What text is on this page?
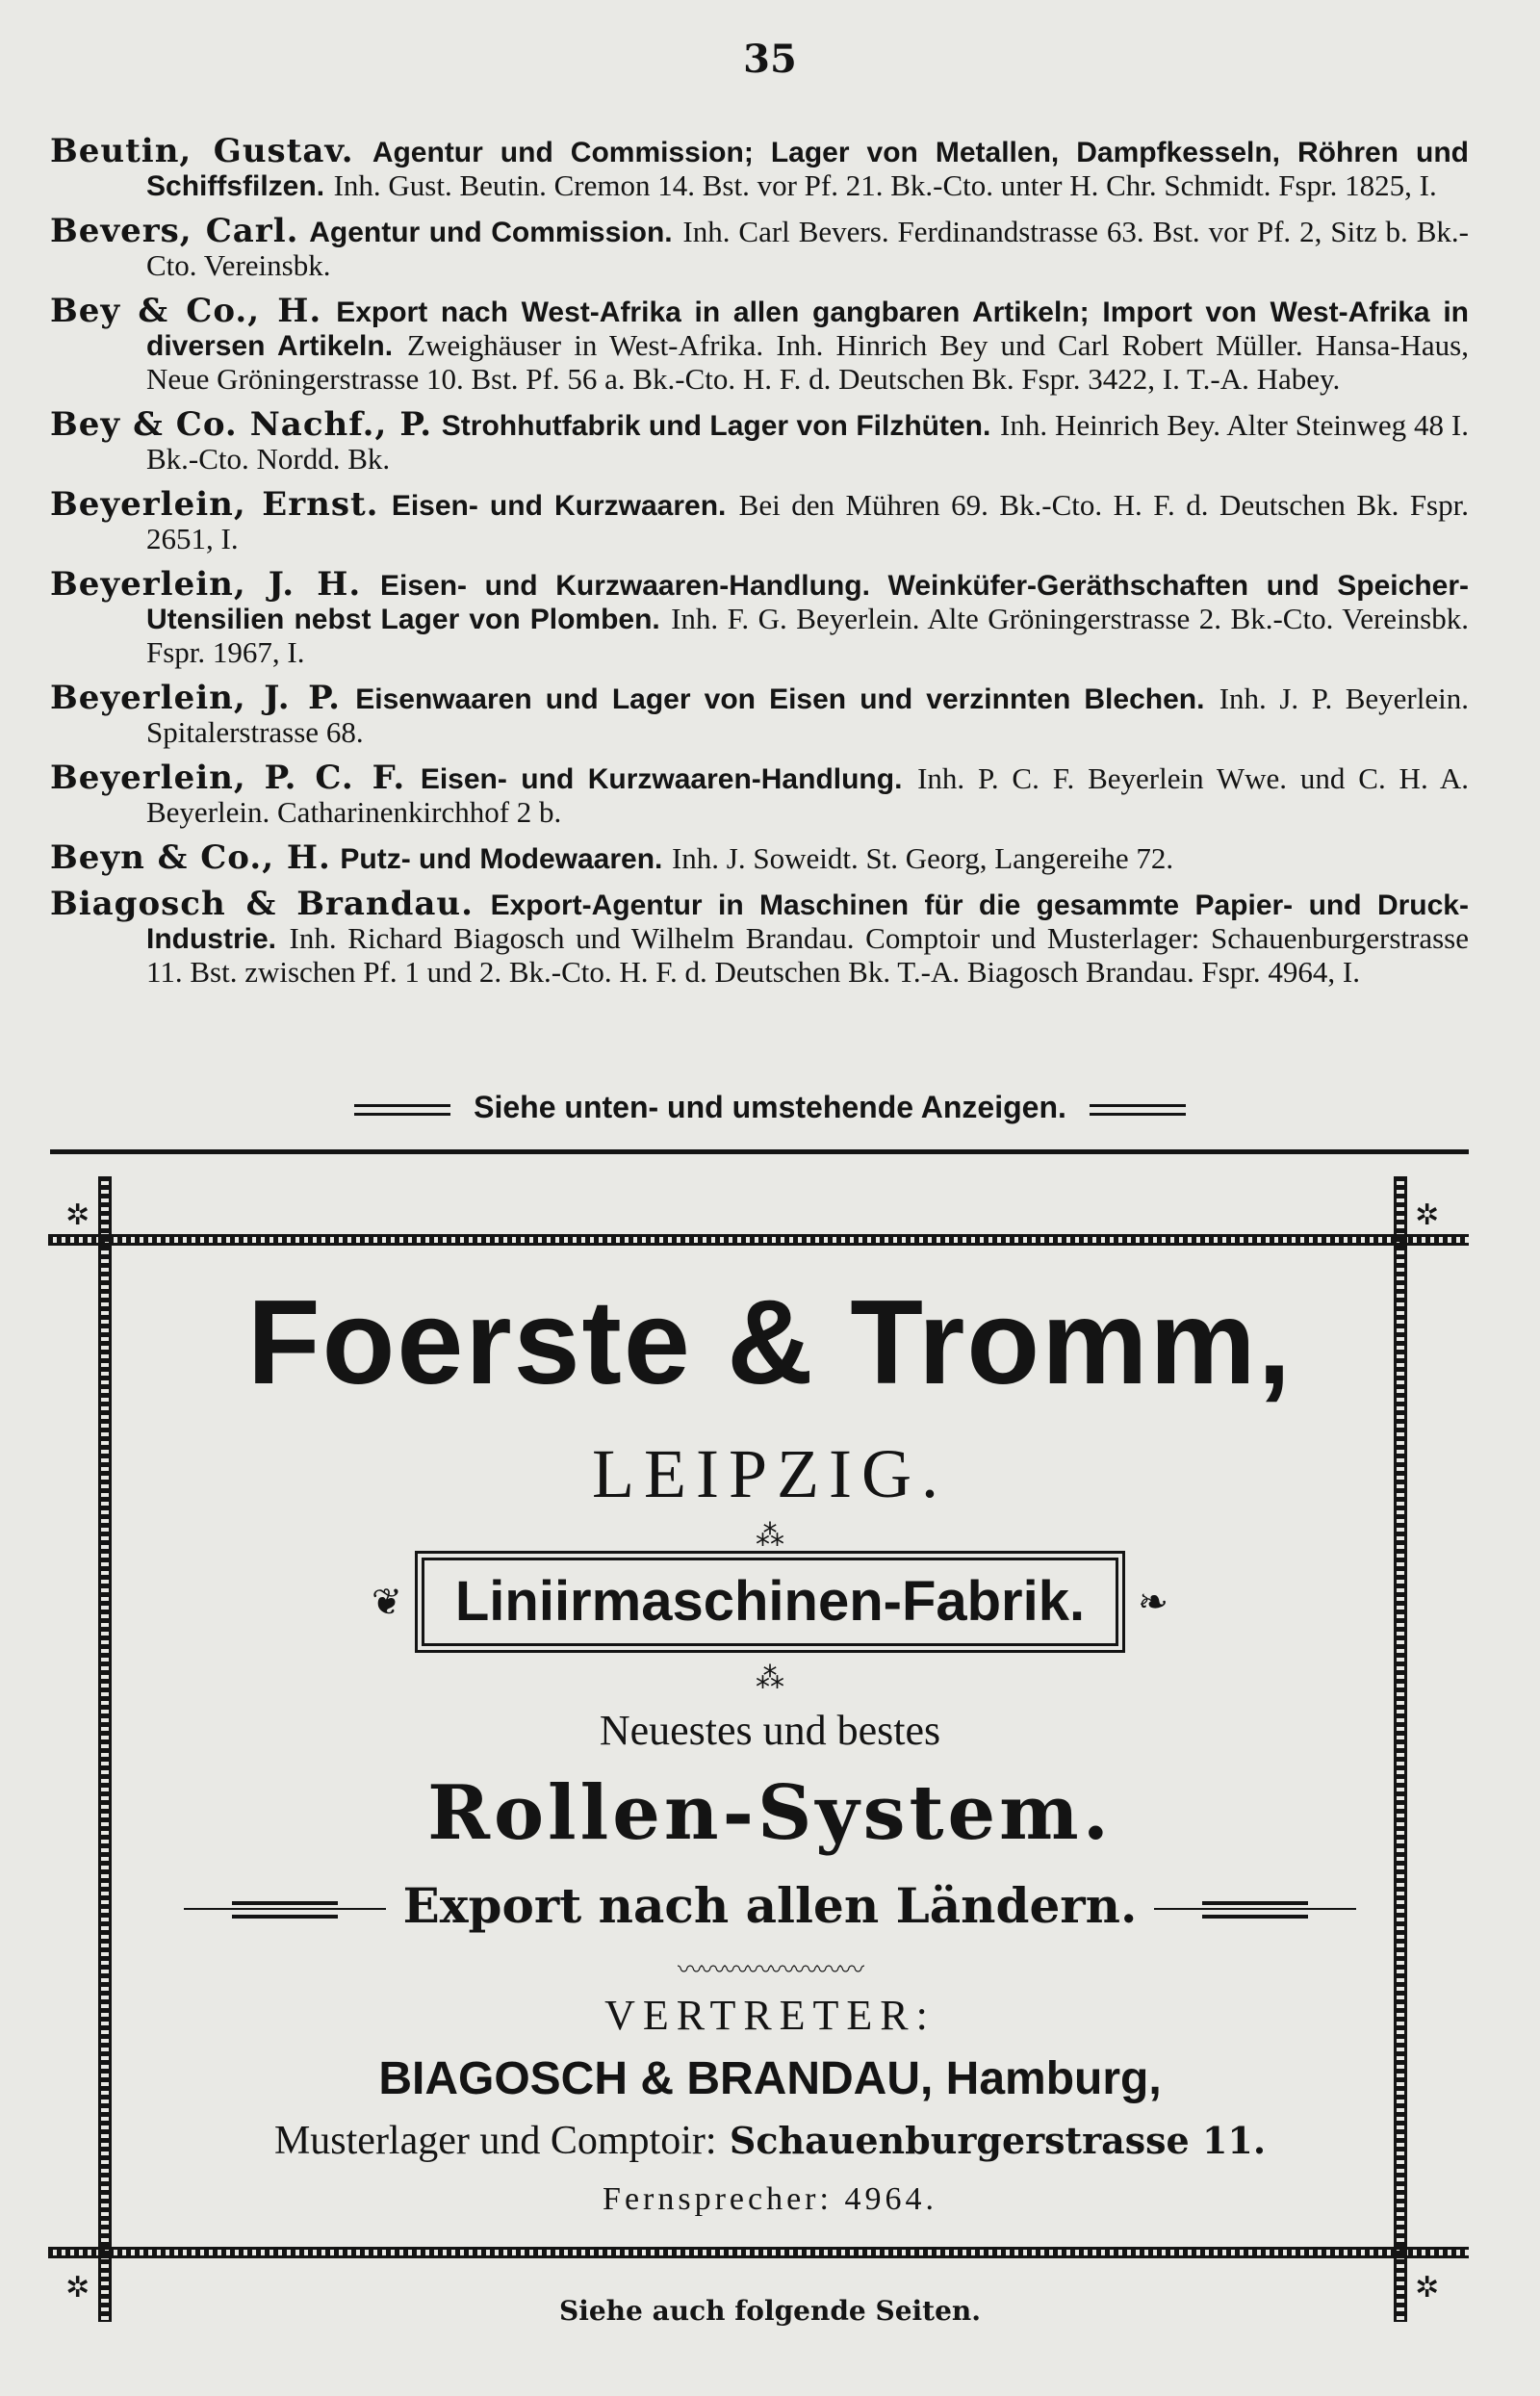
35

Beutin, Gustav. Agentur und Commission; Lager von Metallen, Dampfkesseln, Röhren und Schiffsfilzen. Inh. Gust. Beutin. Cremon 14. Bst. vor Pf. 21. Bk.-Cto. unter H. Chr. Schmidt. Fspr. 1825, I.

Bevers, Carl. Agentur und Commission. Inh. Carl Bevers. Ferdinandstrasse 63. Bst. vor Pf. 2, Sitz b. Bk.-Cto. Vereinsbk.

Bey & Co., H. Export nach West-Afrika in allen gangbaren Artikeln; Import von West-Afrika in diversen Artikeln. Zweighäuser in West-Afrika. Inh. Hinrich Bey und Carl Robert Müller. Hansa-Haus, Neue Gröningerstrasse 10. Bst. Pf. 56 a. Bk.-Cto. H. F. d. Deutschen Bk. Fspr. 3422, I. T.-A. Habey.

Bey & Co. Nachf., P. Strohhutfabrik und Lager von Filzhüten. Inh. Heinrich Bey. Alter Steinweg 48 I. Bk.-Cto. Nordd. Bk.

Beyerlein, Ernst. Eisen- und Kurzwaaren. Bei den Mühren 69. Bk.-Cto. H. F. d. Deutschen Bk. Fspr. 2651, I.

Beyerlein, J. H. Eisen- und Kurzwaaren-Handlung. Weinküfer-Geräthschaften und Speicher-Utensilien nebst Lager von Plomben. Inh. F. G. Beyerlein. Alte Gröningerstrasse 2. Bk.-Cto. Vereinsbk. Fspr. 1967, I.

Beyerlein, J. P. Eisenwaaren und Lager von Eisen und verzinnten Blechen. Inh. J. P. Beyerlein. Spitalerstrasse 68.

Beyerlein, P. C. F. Eisen- und Kurzwaaren-Handlung. Inh. P. C. F. Beyerlein Wwe. und C. H. A. Beyerlein. Catharinenkirchhof 2 b.

Beyn & Co., H. Putz- und Modewaaren. Inh. J. Soweidt. St. Georg, Langereihe 72.

Biagosch & Brandau. Export-Agentur in Maschinen für die gesammte Papier- und Druck-Industrie. Inh. Richard Biagosch und Wilhelm Brandau. Comptoir und Musterlager: Schauenburgerstrasse 11. Bst. zwischen Pf. 1 und 2. Bk.-Cto. H. F. d. Deutschen Bk. T.-A. Biagosch Brandau. Fspr. 4964, I.

Siehe unten- und umstehende Anzeigen.
✲	✲
✲	✲
Foerste & Tromm,
LEIPZIG.
⁂
❦ Liniirmaschinen-Fabrik. ❧
⁂
Neuestes und bestes
Rollen-System.
Export nach allen Ländern.
〰〰〰〰〰〰〰〰
VERTRETER:
BIAGOSCH & BRANDAU, Hamburg,
Musterlager und Comptoir: Schauenburgerstrasse 11.
Fernsprecher: 4964.
Siehe auch folgende Seiten.
